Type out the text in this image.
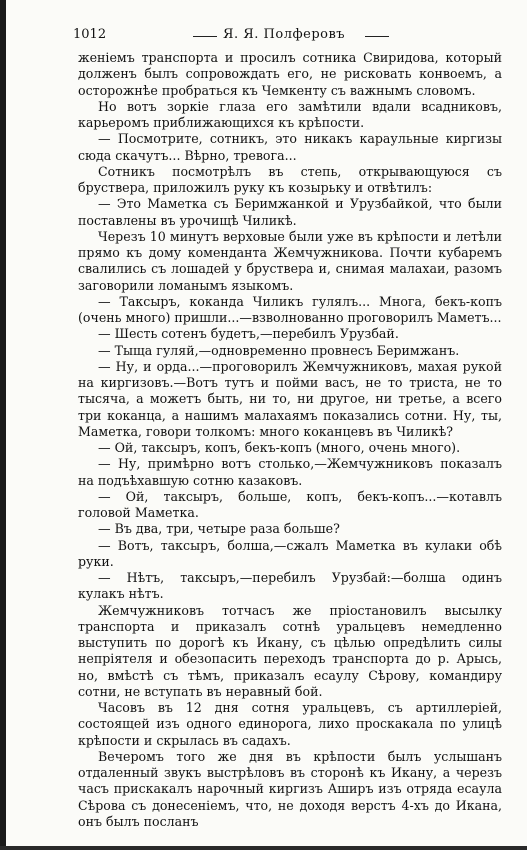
1012	Я. Я. Полферовъ

женіемъ транспорта и просилъ сотника Свиридова, который долженъ былъ сопровождать его, не рисковать конвоемъ, а осторожнѣе пробраться къ Чемкенту съ важнымъ словомъ.

Но вотъ зоркіе глаза его замѣтили вдали всадниковъ, карьеромъ приближающихся къ крѣпости.

— Посмотрите, сотникъ, это никакъ караульные киргизы сюда скачутъ... Вѣрно, тревога...

Сотникъ посмотрѣлъ въ степь, открывающуюся съ бруствера, приложилъ руку къ козырьку и отвѣтилъ:

— Это Маметка съ Беримжанкой и Урузбайкой, что были поставлены въ урочищѣ Чиликѣ.

Черезъ 10 минутъ верховые были уже въ крѣпости и летѣли прямо къ дому коменданта Жемчужникова. Почти кубаремъ свалились съ лошадей у бруствера и, снимая малахаи, разомъ заговорили ломанымъ языкомъ.

— Таксыръ, коканда Чиликъ гулялъ... Многа, бекъ-копъ (очень много) пришли...—взволнованно проговорилъ Маметъ...

— Шесть сотенъ будетъ,—перебилъ Урузбай.

— Тыща гуляй,—одновременно провнесъ Беримжанъ.

— Ну, и орда...—проговорилъ Жемчужниковъ, махая рукой на киргизовъ.—Вотъ тутъ и пойми васъ, не то триста, не то тысяча, а можетъ быть, ни то, ни другое, ни третье, а всего три коканца, а нашимъ малахаямъ показались сотни. Ну, ты, Маметка, говори толкомъ: много коканцевъ въ Чиликѣ?

— Ой, таксыръ, копъ, бекъ-копъ (много, очень много).

— Ну, примѣрно вотъ столько,—Жемчужниковъ показалъ на подъѣхавшую сотню казаковъ.

— Ой, таксыръ, больше, копъ, бекъ-копъ...—котавлъ головой Маметка.

— Въ два, три, четыре раза больше?

— Вотъ, таксыръ, болша,—сжалъ Маметка въ кулаки обѣ руки.

— Нѣтъ, таксыръ,—перебилъ Урузбай:—болша одинъ кулакъ нѣтъ.

Жемчужниковъ тотчасъ же пріостановилъ высылку транспорта и приказалъ сотнѣ уральцевъ немедленно выступить по дорогѣ къ Икану, съ цѣлью опредѣлить силы непріятеля и обезопасить переходъ транспорта до р. Арысь, но, вмѣстѣ съ тѣмъ, приказалъ есаулу Сѣрову, командиру сотни, не вступать въ неравный бой.

Часовъ въ 12 дня сотня уральцевъ, съ артиллеріей, состоящей изъ одного единорога, лихо проскакала по улицѣ крѣпости и скрылась въ садахъ.

Вечеромъ того же дня въ крѣпости былъ услышанъ отдаленный звукъ выстрѣловъ въ сторонѣ къ Икану, а черезъ часъ прискакалъ нарочный киргизъ Аширъ изъ отряда есаула Сѣрова съ донесеніемъ, что, не доходя верстъ 4-хъ до Икана, онъ былъ посланъ
